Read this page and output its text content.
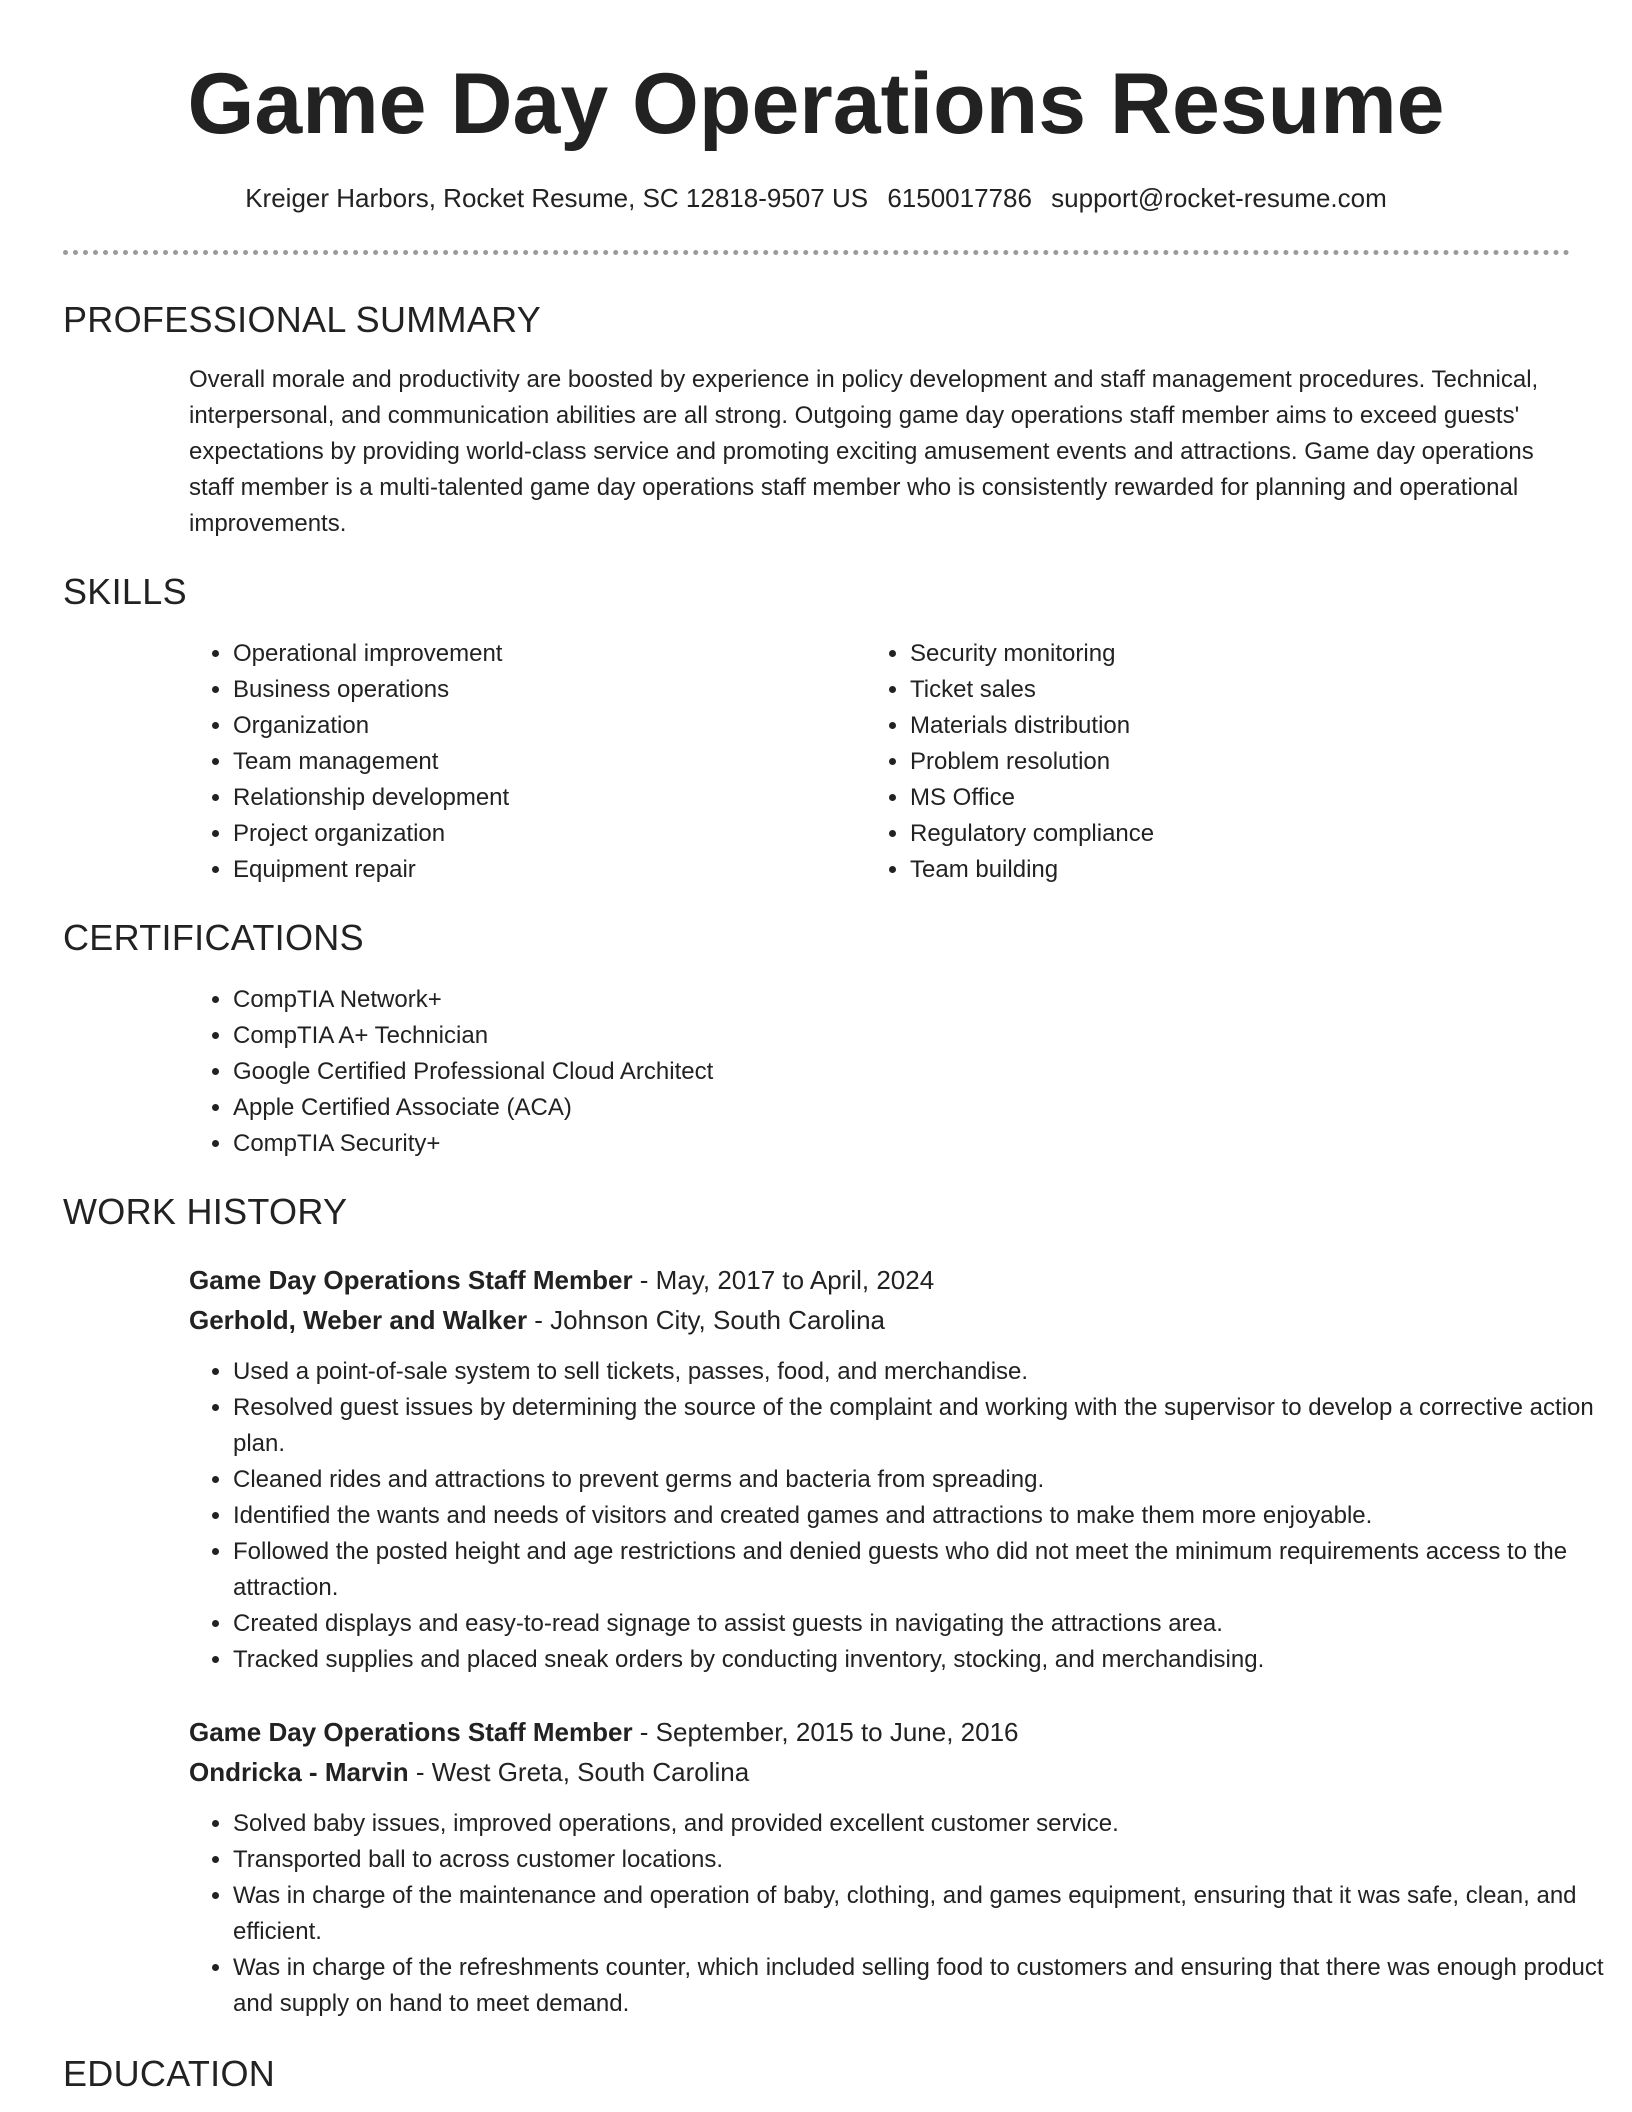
Game Day Operations Resume
Kreiger Harbors, Rocket Resume, SC 12818-9507 US 6150017786 support@rocket-resume.com
PROFESSIONAL SUMMARY

Overall morale and productivity are boosted by experience in policy development and staff management procedures. Technical, interpersonal, and communication abilities are all strong. Outgoing game day operations staff member aims to exceed guests' expectations by providing world-class service and promoting exciting amusement events and attractions. Game day operations staff member is a multi-talented game day operations staff member who is consistently rewarded for planning and operational improvements.

SKILLS
• Operational improvement
• Business operations
• Organization
• Team management
• Relationship development
• Project organization
• Equipment repair
• Security monitoring
• Ticket sales
• Materials distribution
• Problem resolution
• MS Office
• Regulatory compliance
• Team building
CERTIFICATIONS
• CompTIA Network+
• CompTIA A+ Technician
• Google Certified Professional Cloud Architect
• Apple Certified Associate (ACA)
• CompTIA Security+
WORK HISTORY
Game Day Operations Staff Member - May, 2017 to April, 2024
Gerhold, Weber and Walker - Johnson City, South Carolina
• Used a point-of-sale system to sell tickets, passes, food, and merchandise.
• Resolved guest issues by determining the source of the complaint and working with the supervisor to develop a corrective action plan.
• Cleaned rides and attractions to prevent germs and bacteria from spreading.
• Identified the wants and needs of visitors and created games and attractions to make them more enjoyable.
• Followed the posted height and age restrictions and denied guests who did not meet the minimum requirements access to the attraction.
• Created displays and easy-to-read signage to assist guests in navigating the attractions area.
• Tracked supplies and placed sneak orders by conducting inventory, stocking, and merchandising.
Game Day Operations Staff Member - September, 2015 to June, 2016
Ondricka - Marvin - West Greta, South Carolina
• Solved baby issues, improved operations, and provided excellent customer service.
• Transported ball to across customer locations.
• Was in charge of the maintenance and operation of baby, clothing, and games equipment, ensuring that it was safe, clean, and efficient.
• Was in charge of the refreshments counter, which included selling food to customers and ensuring that there was enough product and supply on hand to meet demand.
EDUCATION
